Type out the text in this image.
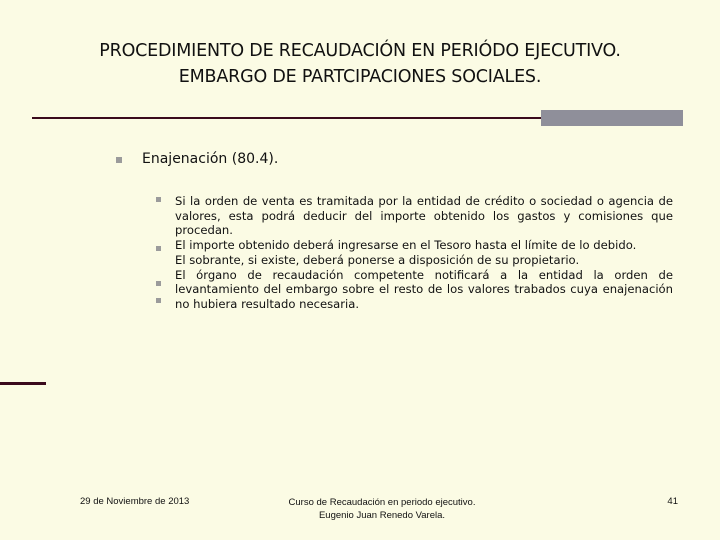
PROCEDIMIENTO DE RECAUDACIÓN EN PERIÓDO EJECUTIVO.
EMBARGO DE PARTCIPACIONES SOCIALES.
Enajenación (80.4).
Si la orden de venta es tramitada por la entidad de crédito o sociedad o agencia de valores, esta podrá deducir del importe obtenido los gastos y comisiones que procedan.
El importe obtenido deberá ingresarse en el Tesoro hasta el límite de lo debido.
El sobrante, si existe, deberá ponerse a disposición de su propietario.
El órgano de recaudación competente notificará a la entidad la orden de levantamiento del embargo sobre el resto de los valores trabados cuya enajenación no hubiera resultado necesaria.
29 de Noviembre de 2013	Curso de Recaudación en periodo ejecutivo.
Eugenio Juan Renedo Varela.
41
